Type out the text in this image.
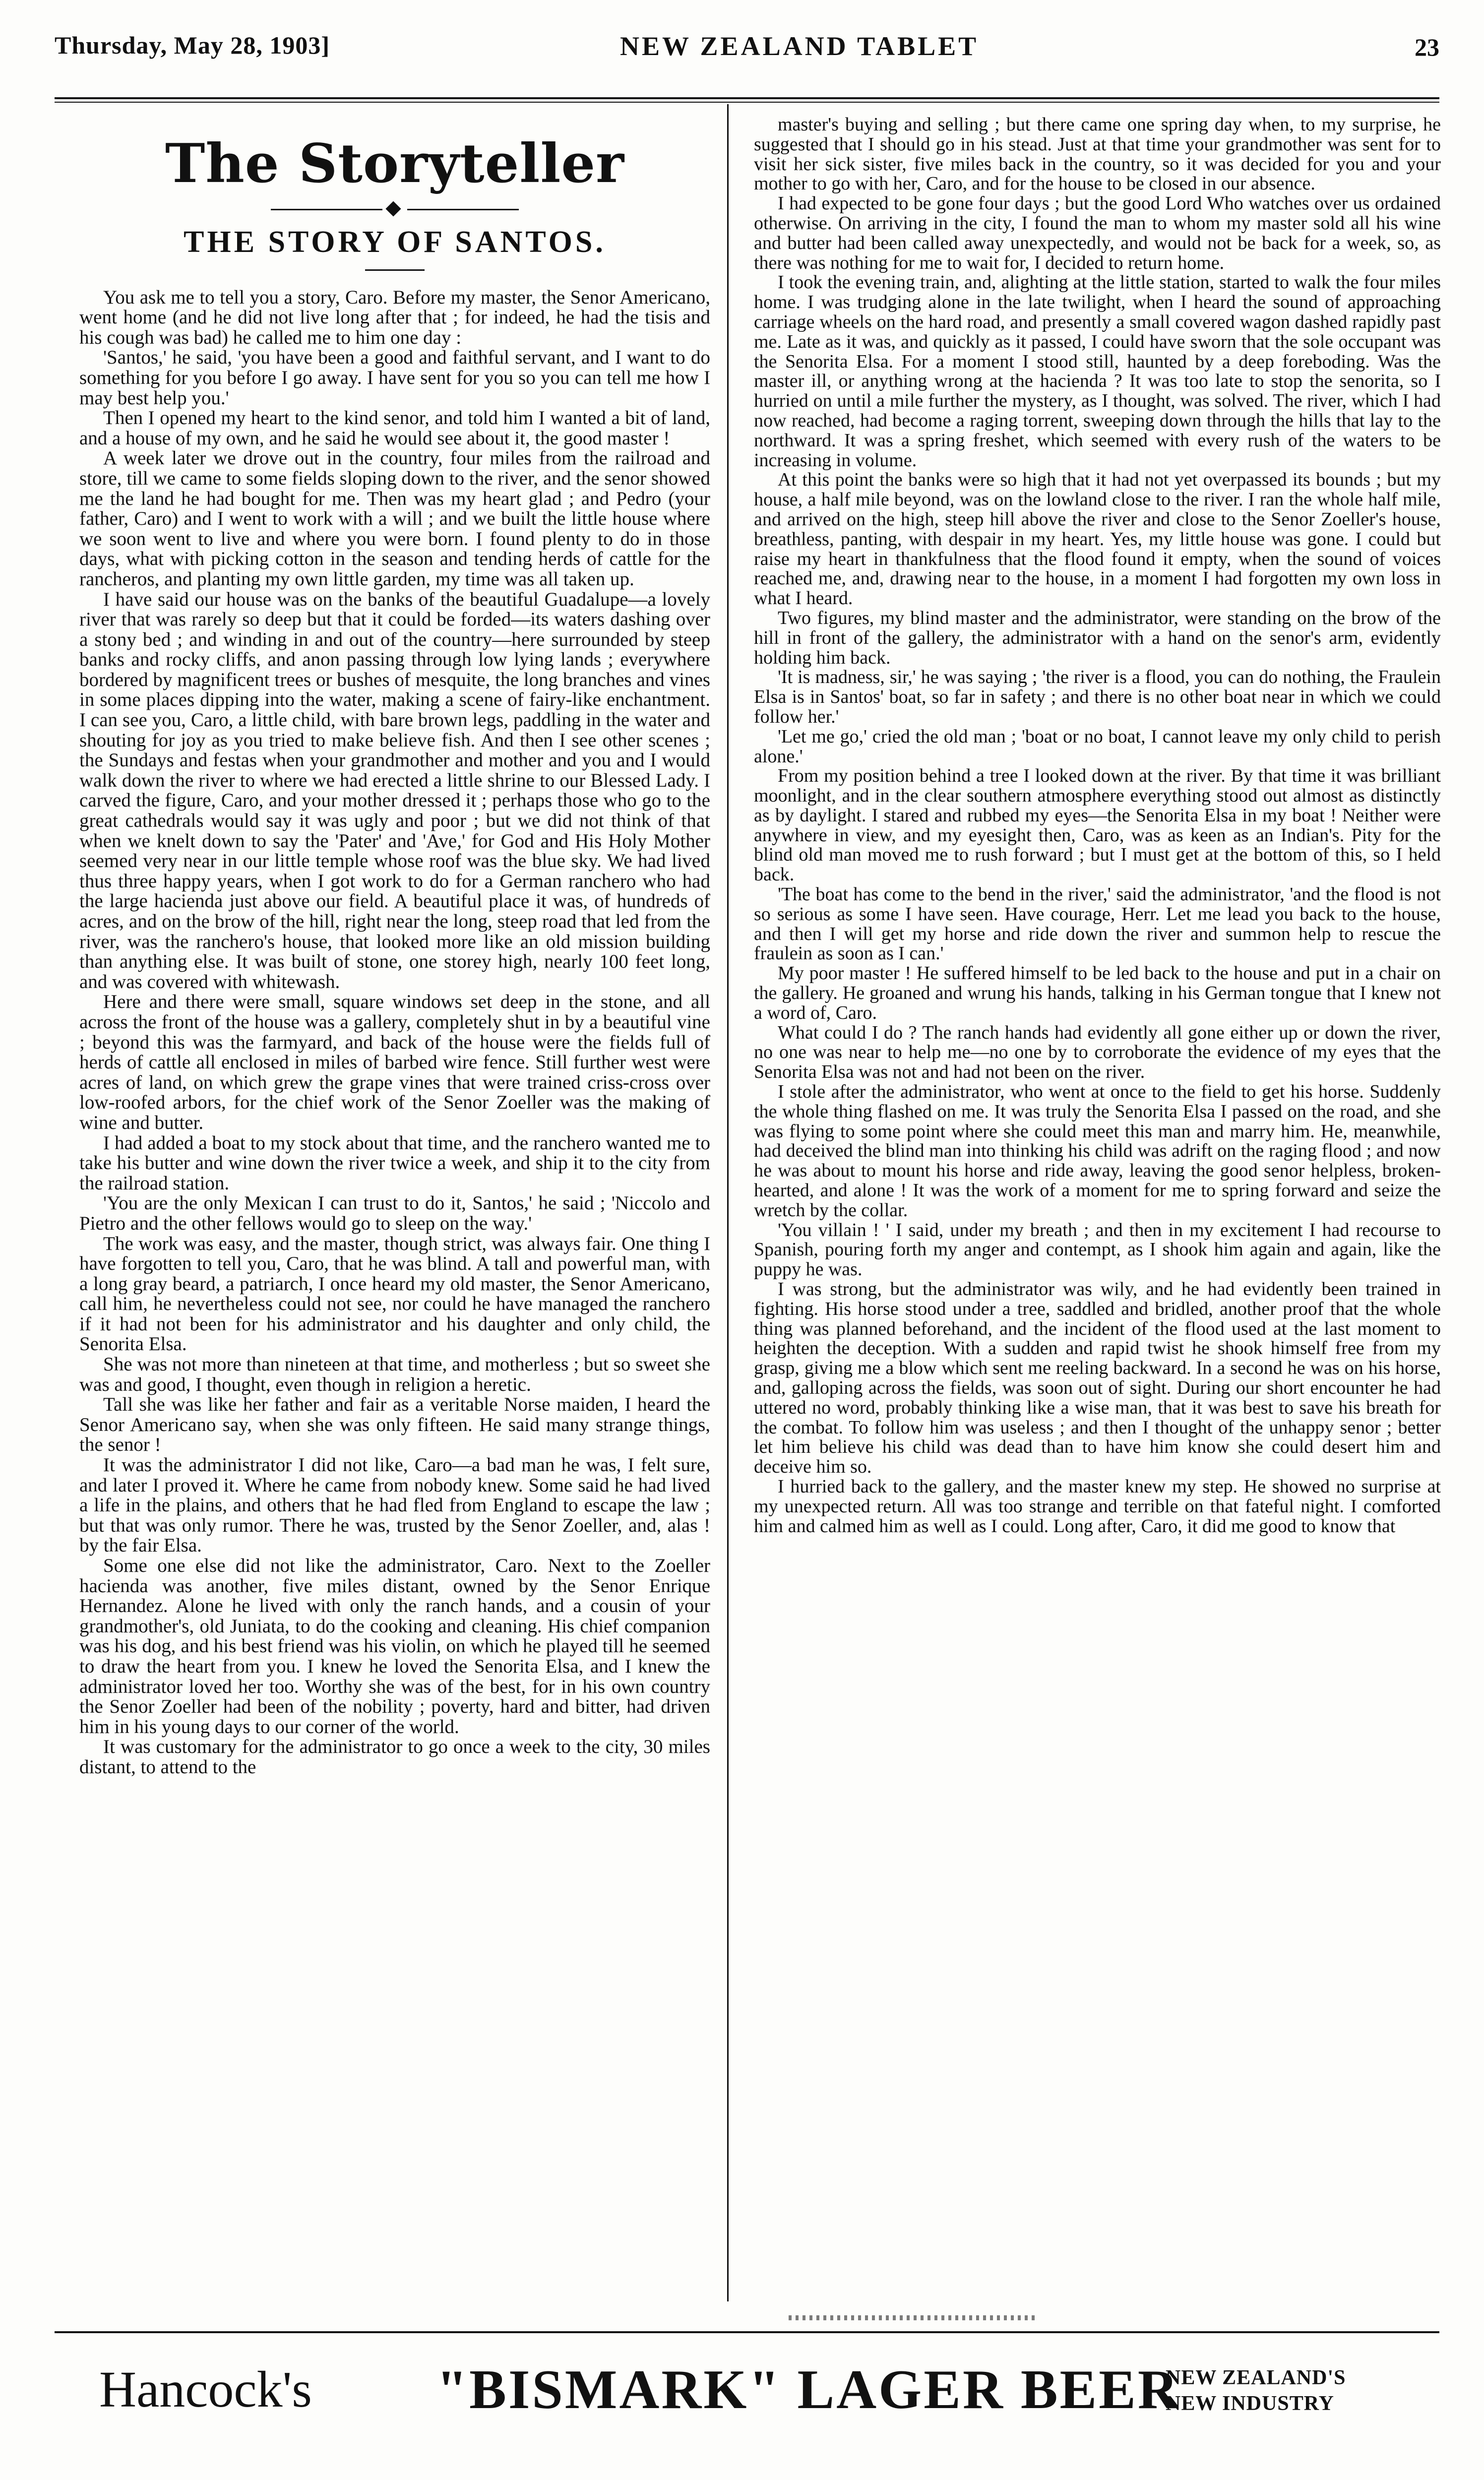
Thursday, May 28, 1903]	NEW ZEALAND TABLET	23
The Storyteller
THE STORY OF SANTOS.

You ask me to tell you a story, Caro. Before my master, the Senor Americano, went home (and he did not live long after that ; for indeed, he had the tisis and his cough was bad) he called me to him one day :

'Santos,' he said, 'you have been a good and faithful servant, and I want to do something for you before I go away. I have sent for you so you can tell me how I may best help you.'

Then I opened my heart to the kind senor, and told him I wanted a bit of land, and a house of my own, and he said he would see about it, the good master !

A week later we drove out in the country, four miles from the railroad and store, till we came to some fields sloping down to the river, and the senor showed me the land he had bought for me. Then was my heart glad ; and Pedro (your father, Caro) and I went to work with a will ; and we built the little house where we soon went to live and where you were born. I found plenty to do in those days, what with picking cotton in the season and tending herds of cattle for the rancheros, and planting my own little garden, my time was all taken up.

I have said our house was on the banks of the beautiful Guadalupe—a lovely river that was rarely so deep but that it could be forded—its waters dashing over a stony bed ; and winding in and out of the country—here surrounded by steep banks and rocky cliffs, and anon passing through low lying lands ; everywhere bordered by magnificent trees or bushes of mesquite, the long branches and vines in some places dipping into the water, making a scene of fairy-like enchantment. I can see you, Caro, a little child, with bare brown legs, paddling in the water and shouting for joy as you tried to make believe fish. And then I see other scenes ; the Sundays and festas when your grandmother and mother and you and I would walk down the river to where we had erected a little shrine to our Blessed Lady. I carved the figure, Caro, and your mother dressed it ; perhaps those who go to the great cathedrals would say it was ugly and poor ; but we did not think of that when we knelt down to say the 'Pater' and 'Ave,' for God and His Holy Mother seemed very near in our little temple whose roof was the blue sky. We had lived thus three happy years, when I got work to do for a German ranchero who had the large hacienda just above our field. A beautiful place it was, of hundreds of acres, and on the brow of the hill, right near the long, steep road that led from the river, was the ranchero's house, that looked more like an old mission building than anything else. It was built of stone, one storey high, nearly 100 feet long, and was covered with whitewash.

Here and there were small, square windows set deep in the stone, and all across the front of the house was a gallery, completely shut in by a beautiful vine ; beyond this was the farmyard, and back of the house were the fields full of herds of cattle all enclosed in miles of barbed wire fence. Still further west were acres of land, on which grew the grape vines that were trained criss-cross over low-roofed arbors, for the chief work of the Senor Zoeller was the making of wine and butter.

I had added a boat to my stock about that time, and the ranchero wanted me to take his butter and wine down the river twice a week, and ship it to the city from the railroad station.

'You are the only Mexican I can trust to do it, Santos,' he said ; 'Niccolo and Pietro and the other fellows would go to sleep on the way.'

The work was easy, and the master, though strict, was always fair. One thing I have forgotten to tell you, Caro, that he was blind. A tall and powerful man, with a long gray beard, a patriarch, I once heard my old master, the Senor Americano, call him, he nevertheless could not see, nor could he have managed the ranchero if it had not been for his administrator and his daughter and only child, the Senorita Elsa.

She was not more than nineteen at that time, and motherless ; but so sweet she was and good, I thought, even though in religion a heretic.

Tall she was like her father and fair as a veritable Norse maiden, I heard the Senor Americano say, when she was only fifteen. He said many strange things, the senor !

It was the administrator I did not like, Caro—a bad man he was, I felt sure, and later I proved it. Where he came from nobody knew. Some said he had lived a life in the plains, and others that he had fled from England to escape the law ; but that was only rumor. There he was, trusted by the Senor Zoeller, and, alas ! by the fair Elsa.

Some one else did not like the administrator, Caro. Next to the Zoeller hacienda was another, five miles distant, owned by the Senor Enrique Hernandez. Alone he lived with only the ranch hands, and a cousin of your grandmother's, old Juniata, to do the cooking and cleaning. His chief companion was his dog, and his best friend was his violin, on which he played till he seemed to draw the heart from you. I knew he loved the Senorita Elsa, and I knew the administrator loved her too. Worthy she was of the best, for in his own country the Senor Zoeller had been of the nobility ; poverty, hard and bitter, had driven him in his young days to our corner of the world.

It was customary for the administrator to go once a week to the city, 30 miles distant, to attend to the

master's buying and selling ; but there came one spring day when, to my surprise, he suggested that I should go in his stead. Just at that time your grandmother was sent for to visit her sick sister, five miles back in the country, so it was decided for you and your mother to go with her, Caro, and for the house to be closed in our absence.

I had expected to be gone four days ; but the good Lord Who watches over us ordained otherwise. On arriving in the city, I found the man to whom my master sold all his wine and butter had been called away unexpectedly, and would not be back for a week, so, as there was nothing for me to wait for, I decided to return home.

I took the evening train, and, alighting at the little station, started to walk the four miles home. I was trudging alone in the late twilight, when I heard the sound of approaching carriage wheels on the hard road, and presently a small covered wagon dashed rapidly past me. Late as it was, and quickly as it passed, I could have sworn that the sole occupant was the Senorita Elsa. For a moment I stood still, haunted by a deep foreboding. Was the master ill, or anything wrong at the hacienda ? It was too late to stop the senorita, so I hurried on until a mile further the mystery, as I thought, was solved. The river, which I had now reached, had become a raging torrent, sweeping down through the hills that lay to the northward. It was a spring freshet, which seemed with every rush of the waters to be increasing in volume.

At this point the banks were so high that it had not yet overpassed its bounds ; but my house, a half mile beyond, was on the lowland close to the river. I ran the whole half mile, and arrived on the high, steep hill above the river and close to the Senor Zoeller's house, breathless, panting, with despair in my heart. Yes, my little house was gone. I could but raise my heart in thankfulness that the flood found it empty, when the sound of voices reached me, and, drawing near to the house, in a moment I had forgotten my own loss in what I heard.

Two figures, my blind master and the administrator, were standing on the brow of the hill in front of the gallery, the administrator with a hand on the senor's arm, evidently holding him back.

'It is madness, sir,' he was saying ; 'the river is a flood, you can do nothing, the Fraulein Elsa is in Santos' boat, so far in safety ; and there is no other boat near in which we could follow her.'

'Let me go,' cried the old man ; 'boat or no boat, I cannot leave my only child to perish alone.'

From my position behind a tree I looked down at the river. By that time it was brilliant moonlight, and in the clear southern atmosphere everything stood out almost as distinctly as by daylight. I stared and rubbed my eyes—the Senorita Elsa in my boat ! Neither were anywhere in view, and my eyesight then, Caro, was as keen as an Indian's. Pity for the blind old man moved me to rush forward ; but I must get at the bottom of this, so I held back.

'The boat has come to the bend in the river,' said the administrator, 'and the flood is not so serious as some I have seen. Have courage, Herr. Let me lead you back to the house, and then I will get my horse and ride down the river and summon help to rescue the fraulein as soon as I can.'

My poor master ! He suffered himself to be led back to the house and put in a chair on the gallery. He groaned and wrung his hands, talking in his German tongue that I knew not a word of, Caro.

What could I do ? The ranch hands had evidently all gone either up or down the river, no one was near to help me—no one by to corroborate the evidence of my eyes that the Senorita Elsa was not and had not been on the river.

I stole after the administrator, who went at once to the field to get his horse. Suddenly the whole thing flashed on me. It was truly the Senorita Elsa I passed on the road, and she was flying to some point where she could meet this man and marry him. He, meanwhile, had deceived the blind man into thinking his child was adrift on the raging flood ; and now he was about to mount his horse and ride away, leaving the good senor helpless, broken-hearted, and alone ! It was the work of a moment for me to spring forward and seize the wretch by the collar.

'You villain ! ' I said, under my breath ; and then in my excitement I had recourse to Spanish, pouring forth my anger and contempt, as I shook him again and again, like the puppy he was.

I was strong, but the administrator was wily, and he had evidently been trained in fighting. His horse stood under a tree, saddled and bridled, another proof that the whole thing was planned beforehand, and the incident of the flood used at the last moment to heighten the deception. With a sudden and rapid twist he shook himself free from my grasp, giving me a blow which sent me reeling backward. In a second he was on his horse, and, galloping across the fields, was soon out of sight. During our short encounter he had uttered no word, probably thinking like a wise man, that it was best to save his breath for the combat. To follow him was useless ; and then I thought of the unhappy senor ; better let him believe his child was dead than to have him know she could desert him and deceive him so.

I hurried back to the gallery, and the master knew my step. He showed no surprise at my unexpected return. All was too strange and terrible on that fateful night. I comforted him and calmed him as well as I could. Long after, Caro, it did me good to know that

Hancock's "BISMARK" LAGER BEER
NEW ZEALAND'S
NEW INDUSTRY
